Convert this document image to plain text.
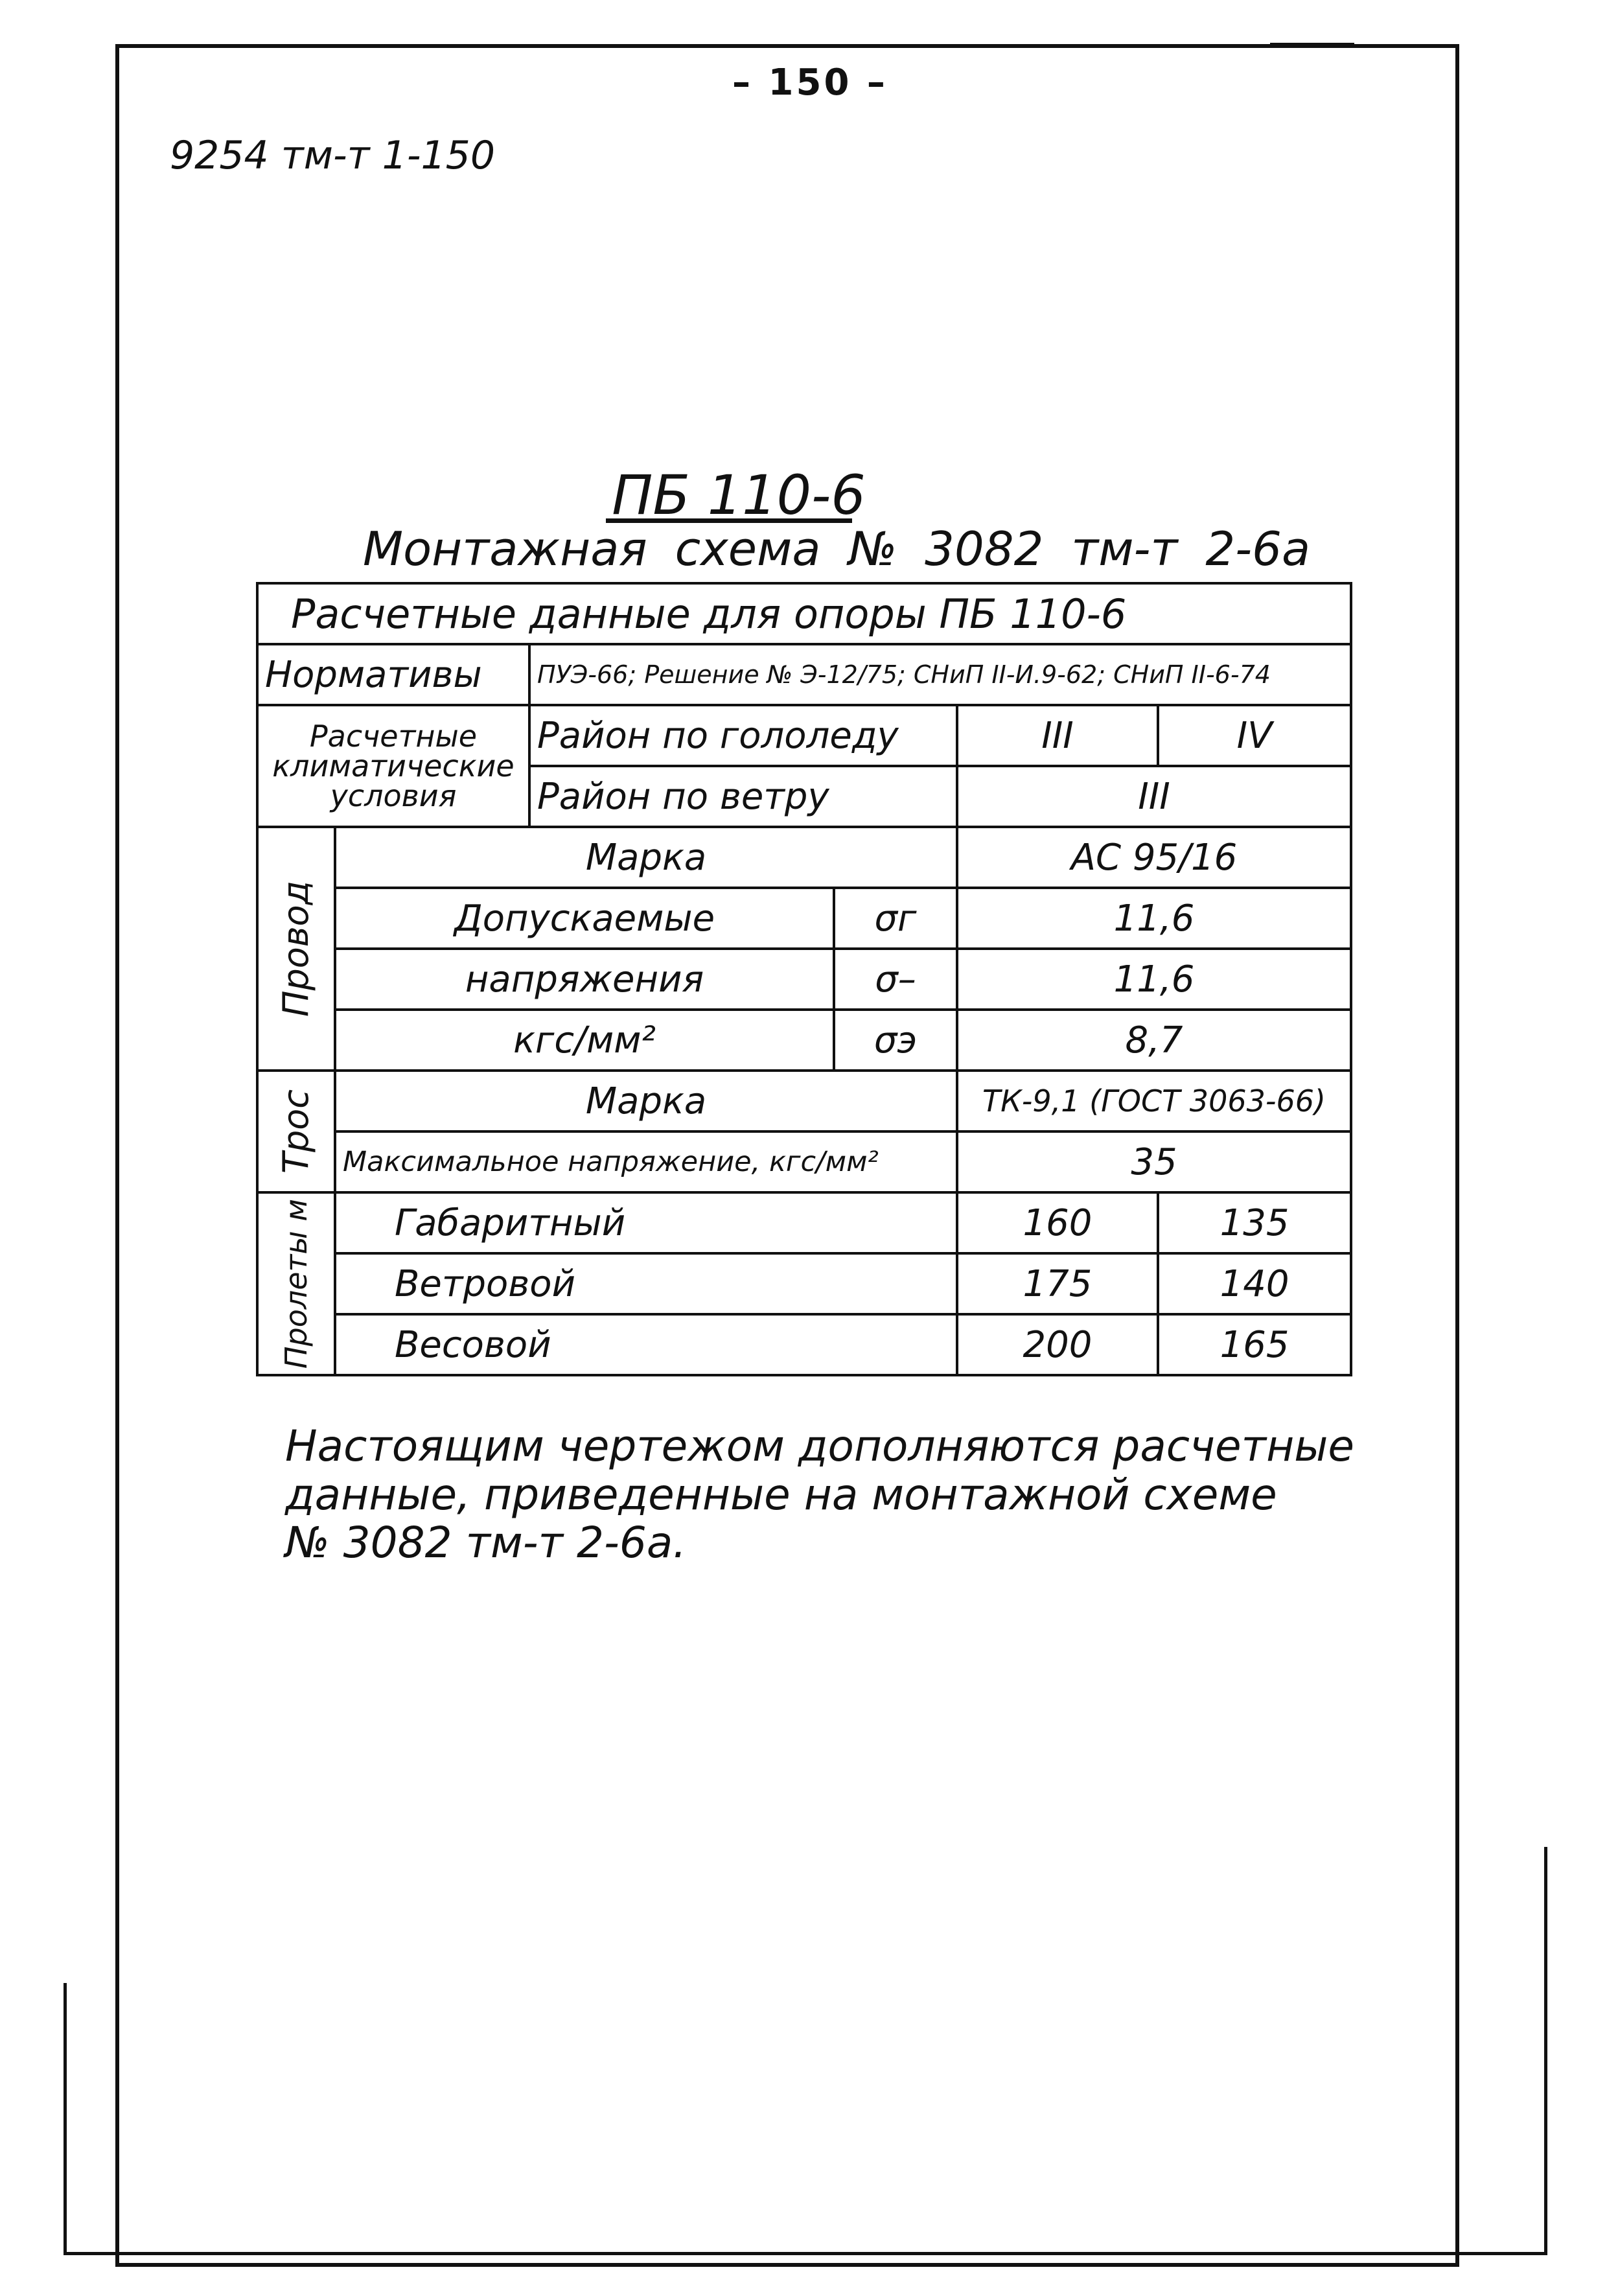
– 150 –
9254 тм-т 1-150
ПБ 110-6
Монтажная схема № 3082 тм-т 2-6а
Расчетные данные для опоры ПБ 110-6					
Нормативы		ПУЭ-66; Решение № Э-12/75; СНиП II-И.9-62; СНиП II-6-74			
Расчетные климатические условия		Район по гололеду		III	IV
		Район по ветру		III	

Провод	Марка			АС 95/16	
	Допускаемые		σг	11,6	
	напряжения		σ–	11,6	
	кгс/мм²		σэ	8,7	

Трос	Марка			ТК-9,1 (ГОСТ 3063-66)	
	Максимальное напряжение, кгс/мм²			35	

Пролеты м	Габаритный			160	135
	Ветровой			175	140
	Весовой			200	165

Настоящим чертежом дополняются расчетные

данные, приведенные на монтажной схеме

№ 3082 тм-т 2-6а.
